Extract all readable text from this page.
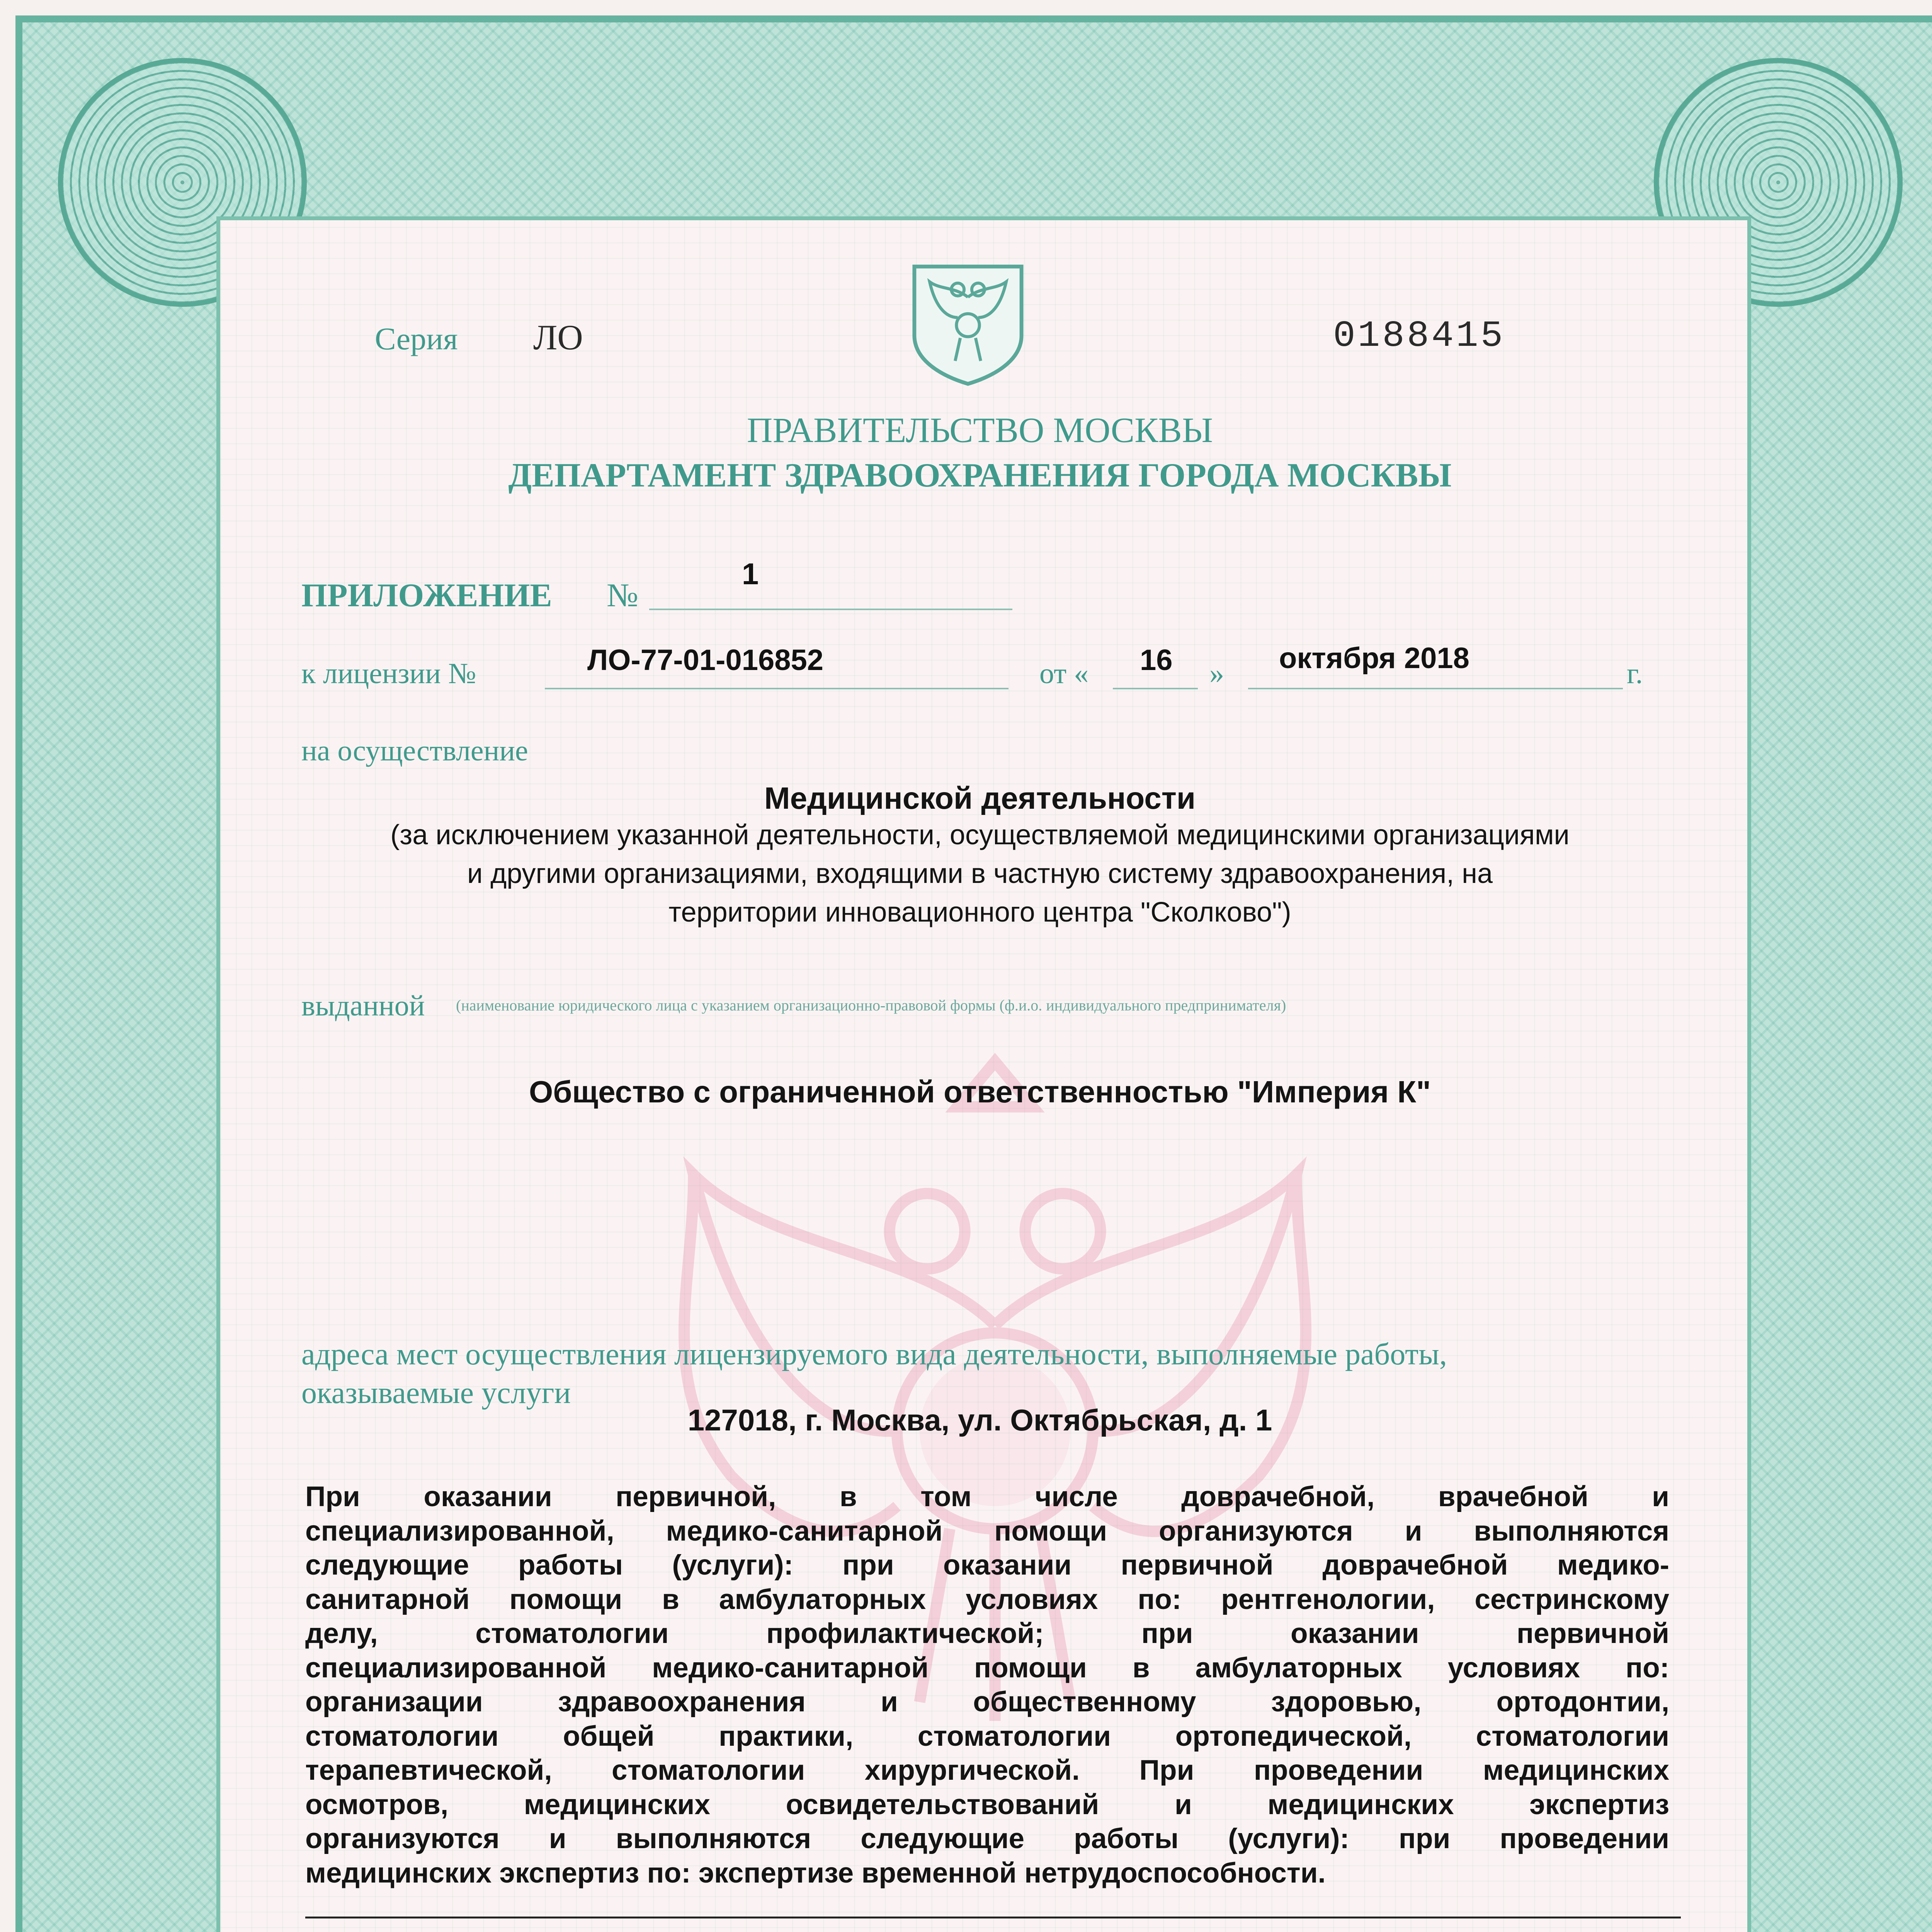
Серия ЛО	0188415
ПРАВИТЕЛЬСТВО МОСКВЫ
ДЕПАРТАМЕНТ ЗДРАВООХРАНЕНИЯ ГОРОДА МОСКВЫ
ПРИЛОЖЕНИЕ №
1
к лицензии №	ЛО-77-01-016852	от « 16 » октября 2018	г.
на осуществление
Медицинской деятельности
(за исключением указанной деятельности, осуществляемой медицинскими организациями
и другими организациями, входящими в частную систему здравоохранения, на
территории инновационного центра "Сколково")
выданной (наименование юридического лица с указанием организационно-правовой формы (ф.и.о. индивидуального предпринимателя)
Общество с ограниченной ответственностью "Империя К"
адреса мест осуществления лицензируемого вида деятельности, выполняемые работы,
оказываемые услуги
127018, г. Москва, ул. Октябрьская, д. 1
При оказании первичной, в том числе доврачебной, врачебной и
специализированной, медико-санитарной помощи организуются и выполняются
следующие работы (услуги): при оказании первичной доврачебной медико-
санитарной помощи в амбулаторных условиях по: рентгенологии, сестринскому
делу, стоматологии профилактической; при оказании первичной
специализированной медико-санитарной помощи в амбулаторных условиях по:
организации здравоохранения и общественному здоровью, ортодонтии,
стоматологии общей практики, стоматологии ортопедической, стоматологии
терапевтической, стоматологии хирургической. При проведении медицинских
осмотров, медицинских освидетельствований и медицинских экспертиз
организуются и выполняются следующие работы (услуги): при проведении
медицинских экспертиз по: экспертизе временной нетрудоспособности.
